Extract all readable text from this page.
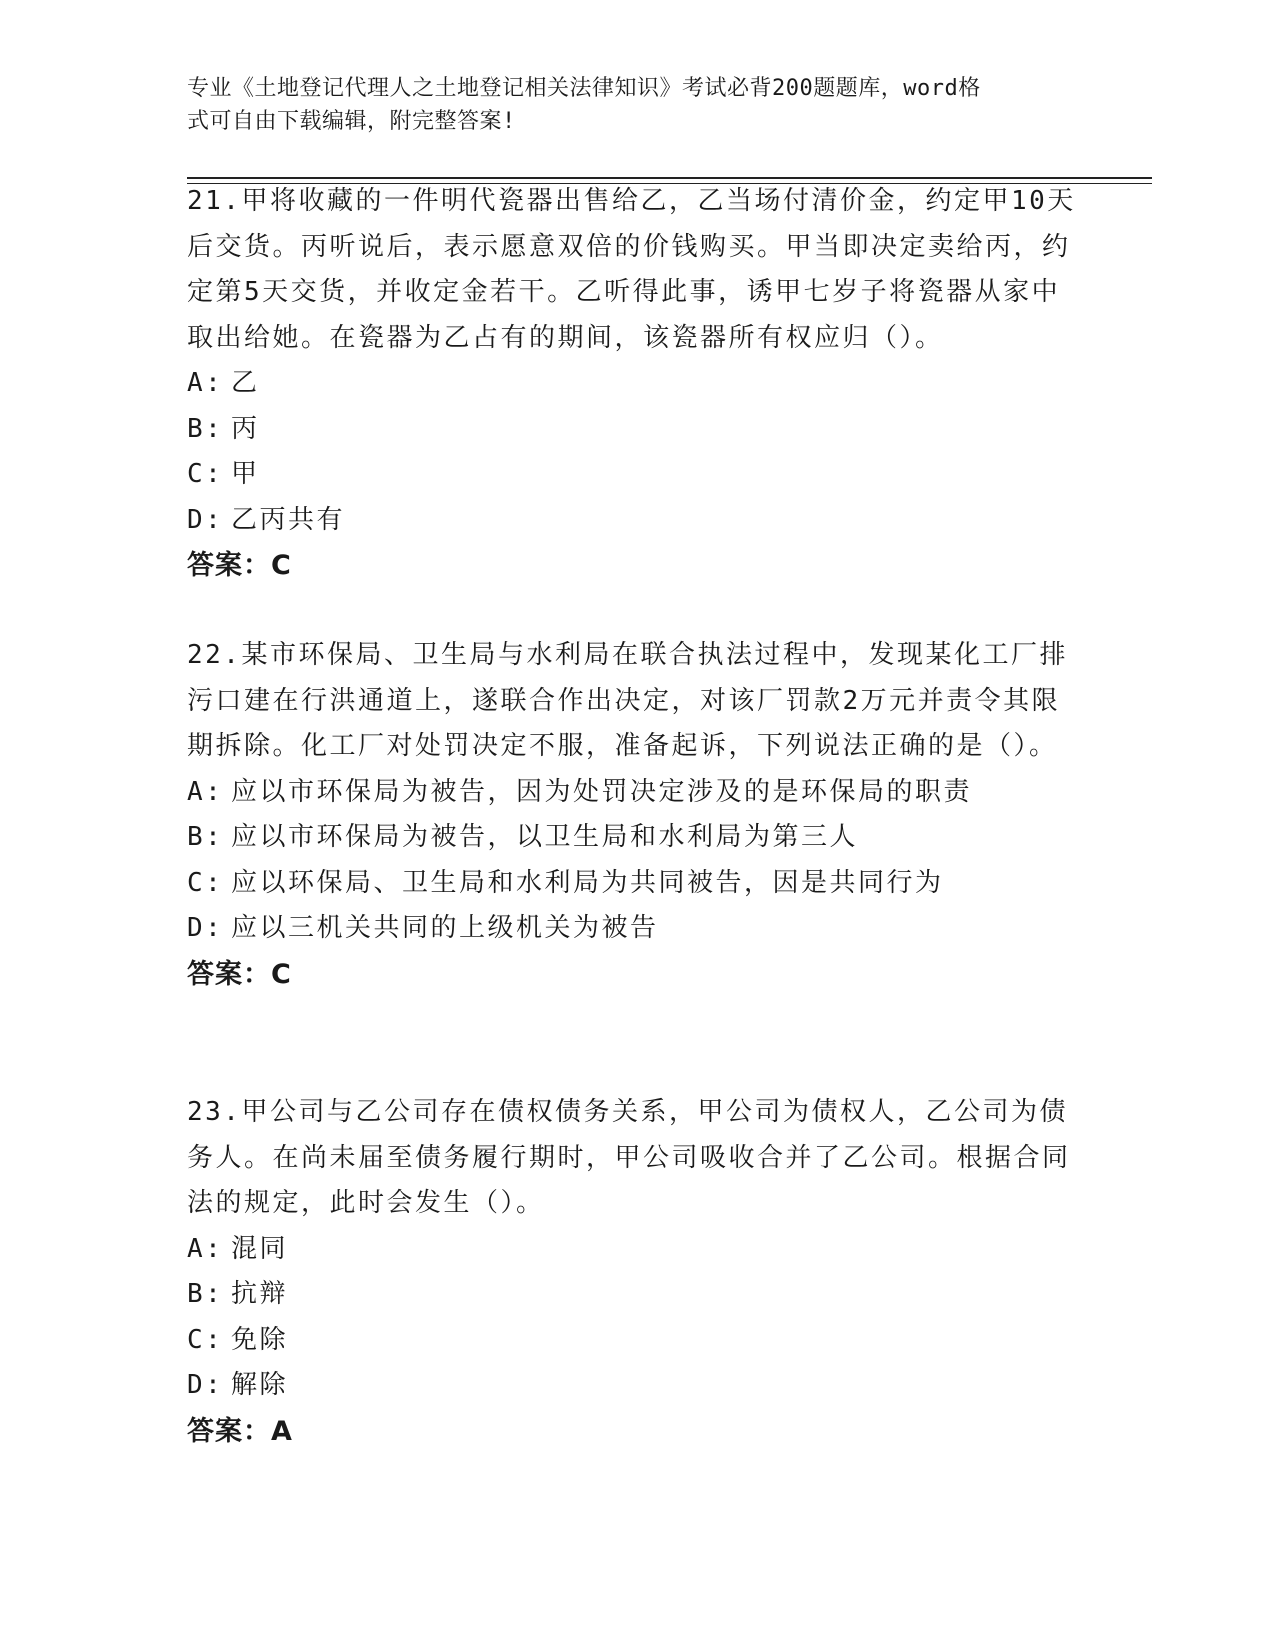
专业《土地登记代理人之土地登记相关法律知识》考试必背200题题库，word格
式可自由下载编辑，附完整答案!

21.甲将收藏的一件明代瓷器出售给乙，乙当场付清价金，约定甲10天后交货。丙听说后，表示愿意双倍的价钱购买。甲当即决定卖给丙，约定第5天交货，并收定金若干。乙听得此事，诱甲七岁子将瓷器从家中取出给她。在瓷器为乙占有的期间，该瓷器所有权应归（）。

A: 乙
B: 丙
C: 甲
D: 乙丙共有
答案：C

22.某市环保局、卫生局与水利局在联合执法过程中，发现某化工厂排污口建在行洪通道上，遂联合作出决定，对该厂罚款2万元并责令其限期拆除。化工厂对处罚决定不服，准备起诉，下列说法正确的是（）。

A: 应以市环保局为被告，因为处罚决定涉及的是环保局的职责
B: 应以市环保局为被告，以卫生局和水利局为第三人
C: 应以环保局、卫生局和水利局为共同被告，因是共同行为
D: 应以三机关共同的上级机关为被告
答案：C

23.甲公司与乙公司存在债权债务关系，甲公司为债权人，乙公司为债务人。在尚未届至债务履行期时，甲公司吸收合并了乙公司。根据合同法的规定，此时会发生（）。

A: 混同
B: 抗辩
C: 免除
D: 解除
答案：A
